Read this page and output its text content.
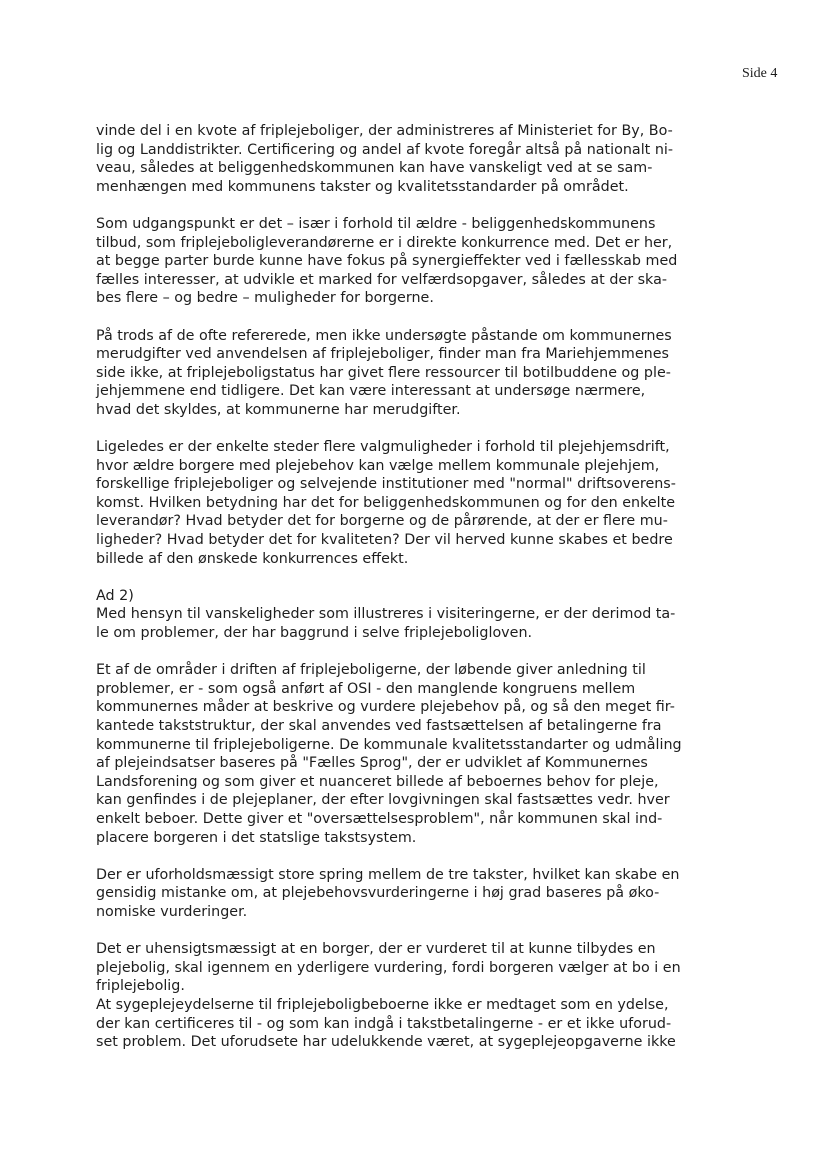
Side 4

vinde del i en kvote af friplejeboliger, der administreres af Ministeriet for By, Bo-
lig og Landdistrikter. Certificering og andel af kvote foregår altså på nationalt ni-
veau, således at beliggenhedskommunen kan have vanskeligt ved at se sam-
menhængen med kommunens takster og kvalitetsstandarder på området.

Som udgangspunkt er det – især i forhold til ældre - beliggenhedskommunens
tilbud, som friplejeboligleverandørerne er i direkte konkurrence med. Det er her,
at begge parter burde kunne have fokus på synergieffekter ved i fællesskab med
fælles interesser, at udvikle et marked for velfærdsopgaver, således at der ska-
bes flere – og bedre – muligheder for borgerne.

På trods af de ofte refererede, men ikke undersøgte påstande om kommunernes
merudgifter ved anvendelsen af friplejeboliger, finder man fra Mariehjemmenes
side ikke, at friplejeboligstatus har givet flere ressourcer til botilbuddene og ple-
jehjemmene end tidligere. Det kan være interessant at undersøge nærmere,
hvad det skyldes, at kommunerne har merudgifter.

Ligeledes er der enkelte steder flere valgmuligheder i forhold til plejehjemsdrift,
hvor ældre borgere med plejebehov kan vælge mellem kommunale plejehjem,
forskellige friplejeboliger og selvejende institutioner med "normal" driftsoverens-
komst. Hvilken betydning har det for beliggenhedskommunen og for den enkelte
leverandør? Hvad betyder det for borgerne og de pårørende, at der er flere mu-
ligheder? Hvad betyder det for kvaliteten? Der vil herved kunne skabes et bedre
billede af den ønskede konkurrences effekt.

Ad 2)
Med hensyn til vanskeligheder som illustreres i visiteringerne, er der derimod ta-
le om problemer, der har baggrund i selve friplejeboligloven.

Et af de områder i driften af friplejeboligerne, der løbende giver anledning til
problemer, er - som også anført af OSI - den manglende kongruens mellem
kommunernes måder at beskrive og vurdere plejebehov på, og så den meget fir-
kantede takststruktur, der skal anvendes ved fastsættelsen af betalingerne fra
kommunerne til friplejeboligerne. De kommunale kvalitetsstandarter og udmåling
af plejeindsatser baseres på "Fælles Sprog", der er udviklet af Kommunernes
Landsforening og som giver et nuanceret billede af beboernes behov for pleje,
kan genfindes i de plejeplaner, der efter lovgivningen skal fastsættes vedr. hver
enkelt beboer. Dette giver et "oversættelsesproblem", når kommunen skal ind-
placere borgeren i det statslige takstsystem.

Der er uforholdsmæssigt store spring mellem de tre takster, hvilket kan skabe en
gensidig mistanke om, at plejebehovsvurderingerne i høj grad baseres på øko-
nomiske vurderinger.

Det er uhensigtsmæssigt at en borger, der er vurderet til at kunne tilbydes en
plejebolig, skal igennem en yderligere vurdering, fordi borgeren vælger at bo i en
friplejebolig.
At sygeplejeydelserne til friplejeboligbeboerne ikke er medtaget som en ydelse,
der kan certificeres til - og som kan indgå i takstbetalingerne - er et ikke uforud-
set problem. Det uforudsete har udelukkende været, at sygeplejeopgaverne ikke
